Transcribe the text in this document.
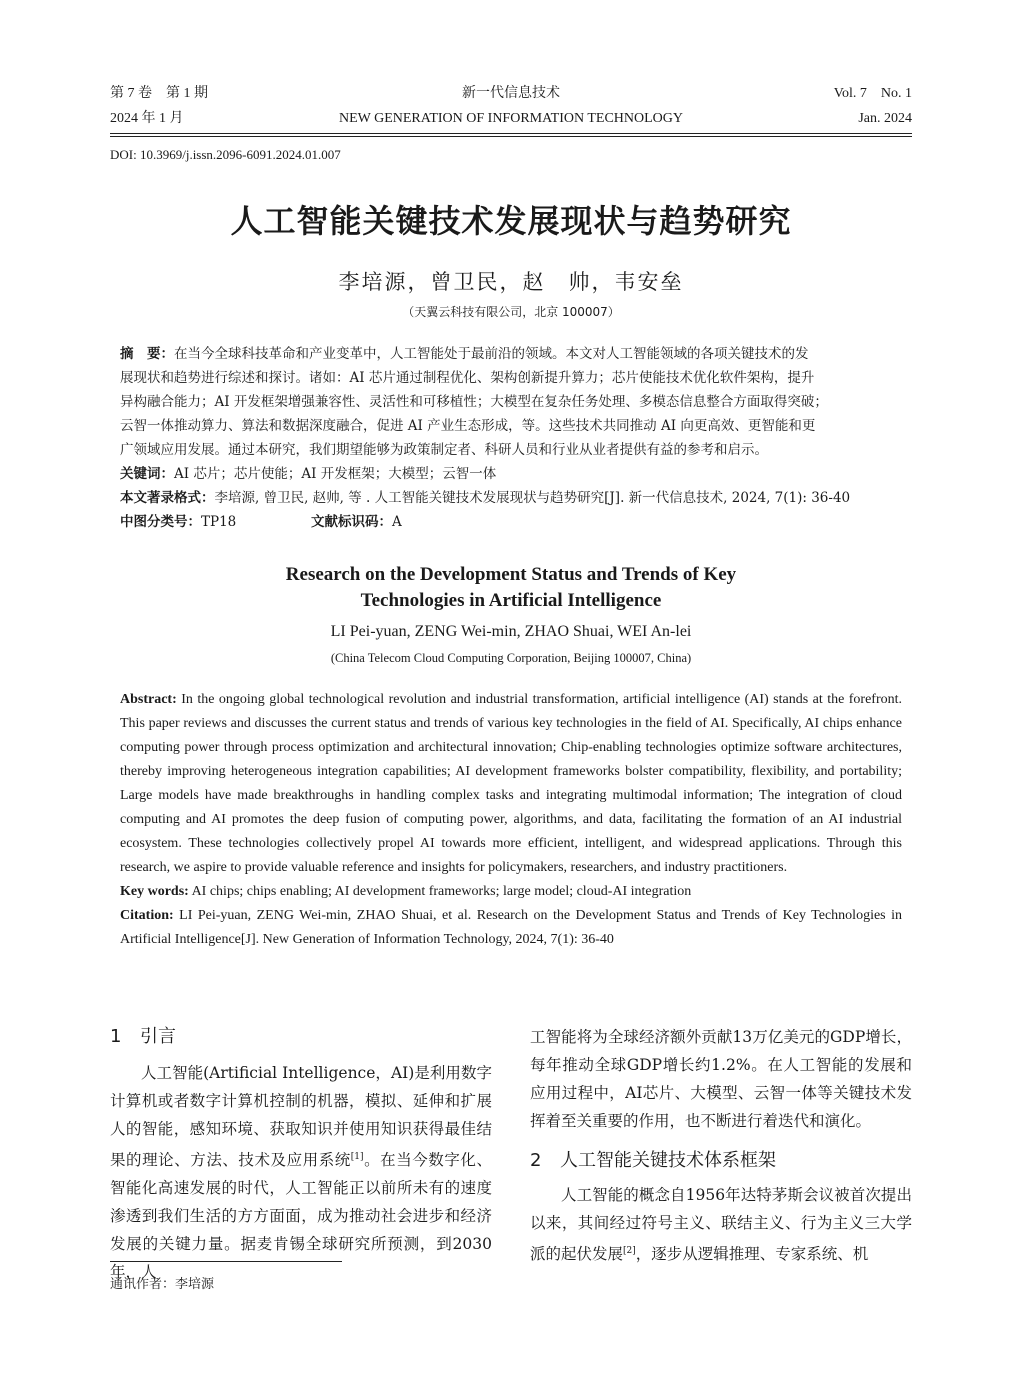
第 7 卷　第 1 期	新一代信息技术	Vol. 7　No. 1
2024 年 1 月	NEW GENERATION OF INFORMATION TECHNOLOGY	Jan. 2024
DOI: 10.3969/j.issn.2096-6091.2024.01.007
人工智能关键技术发展现状与趋势研究
李培源，曾卫民，赵　帅，韦安垒
（天翼云科技有限公司，北京 100007）
摘　要：在当今全球科技革命和产业变革中，人工智能处于最前沿的领域。本文对人工智能领域的各项关键技术的发
展现状和趋势进行综述和探讨。诸如：AI 芯片通过制程优化、架构创新提升算力；芯片使能技术优化软件架构，提升
异构融合能力；AI 开发框架增强兼容性、灵活性和可移植性；大模型在复杂任务处理、多模态信息整合方面取得突破；
云智一体推动算力、算法和数据深度融合，促进 AI 产业生态形成，等。这些技术共同推动 AI 向更高效、更智能和更
广领域应用发展。通过本研究，我们期望能够为政策制定者、科研人员和行业从业者提供有益的参考和启示。
关键词：AI 芯片；芯片使能；AI 开发框架；大模型；云智一体
本文著录格式：李培源, 曾卫民, 赵帅, 等 . 人工智能关键技术发展现状与趋势研究[J]. 新一代信息技术, 2024, 7(1): 36-40
中图分类号：TP18	文献标识码：A
Research on the Development Status and Trends of Key
Technologies in Artificial Intelligence
LI Pei-yuan, ZENG Wei-min, ZHAO Shuai, WEI An-lei
(China Telecom Cloud Computing Corporation, Beijing 100007, China)

Abstract: In the ongoing global technological revolution and industrial transformation, artificial intelligence (AI) stands at the forefront. This paper reviews and discusses the current status and trends of various key technologies in the field of AI. Specifically, AI chips enhance computing power through process optimization and architectural innovation; Chip-enabling technologies optimize software architectures, thereby improving heterogeneous integration capabilities; AI development frameworks bolster compatibility, flexibility, and portability; Large models have made breakthroughs in handling complex tasks and integrating multimodal information; The integration of cloud computing and AI promotes the deep fusion of computing power, algorithms, and data, facilitating the formation of an AI industrial ecosystem. These technologies collectively propel AI towards more efficient, intelligent, and widespread applications. Through this research, we aspire to provide valuable reference and insights for policymakers, researchers, and industry practitioners.

Key words: AI chips; chips enabling; AI development frameworks; large model; cloud-AI integration

Citation: LI Pei-yuan, ZENG Wei-min, ZHAO Shuai, et al. Research on the Development Status and Trends of Key Technologies in Artificial Intelligence[J]. New Generation of Information Technology, 2024, 7(1): 36-40

1 引言

人工智能(Artificial Intelligence，AI)是利用数字计算机或者数字计算机控制的机器，模拟、延伸和扩展人的智能，感知环境、获取知识并使用知识获得最佳结果的理论、方法、技术及应用系统[1]。在当今数字化、智能化高速发展的时代，人工智能正以前所未有的速度渗透到我们生活的方方面面，成为推动社会进步和经济发展的关键力量。据麦肯锡全球研究所预测，到2030年，人

工智能将为全球经济额外贡献13万亿美元的GDP增长，每年推动全球GDP增长约1.2%。在人工智能的发展和应用过程中，AI芯片、大模型、云智一体等关键技术发挥着至关重要的作用，也不断进行着迭代和演化。

2 人工智能关键技术体系框架

人工智能的概念自1956年达特茅斯会议被首次提出以来，其间经过符号主义、联结主义、行为主义三大学派的起伏发展[2]，逐步从逻辑推理、专家系统、机

通讯作者：李培源
